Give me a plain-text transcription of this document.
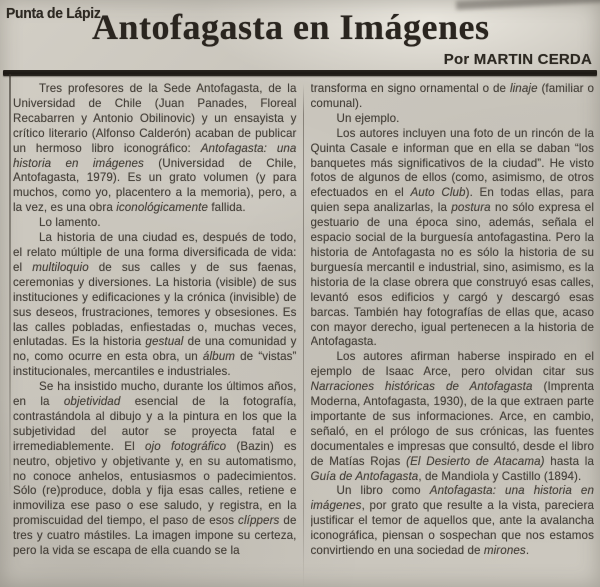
Punta de Lápiz
Antofagasta en Imágenes
Por MARTIN CERDA

Tres profesores de la Sede Antofagasta, de la Universidad de Chile (Juan Panades, Floreal Recabarren y Antonio Obilinovic) y un ensayista y crítico literario (Alfonso Calderón) acaban de publicar un hermoso libro iconográfico: Antofagasta: una historia en imágenes (Universidad de Chile, Antofagasta, 1979). Es un grato volumen (y para muchos, como yo, placentero a la memoria), pero, a la vez, es una obra iconológicamente fallida.

Lo lamento.

La historia de una ciudad es, después de todo, el relato múltiple de una forma diversificada de vida: el multiloquio de sus calles y de sus faenas, ceremonias y diversiones. La historia (visible) de sus instituciones y edificaciones y la crónica (invisible) de sus deseos, frustraciones, temores y obsesiones. Es las calles pobladas, enfiestadas o, muchas veces, enlutadas. Es la historia gestual de una comunidad y no, como ocurre en esta obra, un álbum de “vistas” institucionales, mercantiles e industriales.

Se ha insistido mucho, durante los últimos años, en la objetividad esencial de la fotografía, contrastándola al dibujo y a la pintura en los que la subjetividad del autor se proyecta fatal e irremediablemente. El ojo fotográfico (Bazin) es neutro, objetivo y objetivante y, en su automatismo, no conoce anhelos, entusiasmos o padecimientos. Sólo (re)produce, dobla y fija esas calles, retiene e inmoviliza ese paso o ese saludo, y registra, en la promiscuidad del tiempo, el paso de esos clíppers de tres y cuatro mástiles. La imagen impone su certeza, pero la vida se escapa de ella cuando se la

transforma en signo ornamental o de linaje (familiar o comunal).

Un ejemplo.

Los autores incluyen una foto de un rincón de la Quinta Casale e informan que en ella se daban “los banquetes más significativos de la ciudad”. He visto fotos de algunos de ellos (como, asimismo, de otros efectuados en el Auto Club). En todas ellas, para quien sepa analizarlas, la postura no sólo expresa el gestuario de una época sino, además, señala el espacio social de la burguesía antofagastina. Pero la historia de Antofagasta no es sólo la historia de su burguesía mercantil e industrial, sino, asimismo, es la historia de la clase obrera que construyó esas calles, levantó esos edificios y cargó y descargó esas barcas. También hay fotografías de ellas que, acaso con mayor derecho, igual pertenecen a la historia de Antofagasta.

Los autores afirman haberse inspirado en el ejemplo de Isaac Arce, pero olvidan citar sus Narraciones históricas de Antofagasta (Imprenta Moderna, Antofagasta, 1930), de la que extraen parte importante de sus informaciones. Arce, en cambio, señaló, en el prólogo de sus crónicas, las fuentes documentales e impresas que consultó, desde el libro de Matías Rojas (El Desierto de Atacama) hasta la Guía de Antofagasta, de Mandiola y Castillo (1894).

Un libro como Antofagasta: una historia en imágenes, por grato que resulte a la vista, pareciera justificar el temor de aquellos que, ante la avalancha iconográfica, piensan o sospechan que nos estamos convirtiendo en una sociedad de mirones.
